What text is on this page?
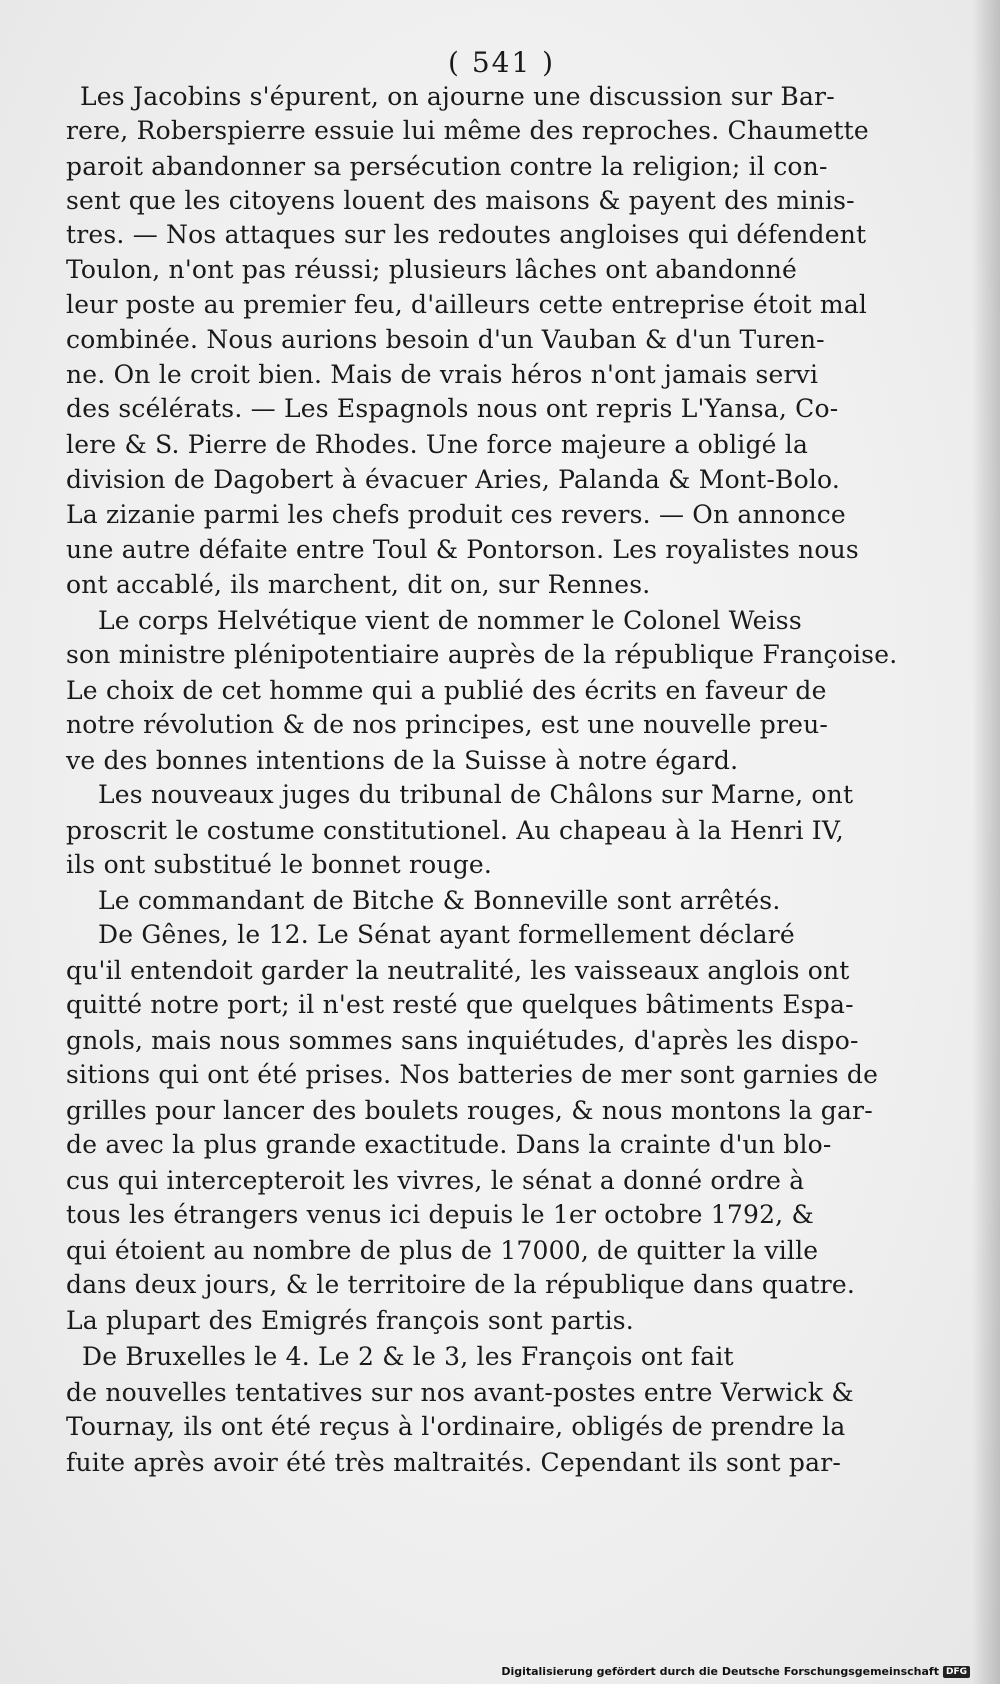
( 541 )
Les Jacobins s'épurent, on ajourne une discussion sur Bar-
rere, Roberspierre essuie lui même des reproches. Chaumette
paroit abandonner sa persécution contre la religion; il con-
sent que les citoyens louent des maisons & payent des minis-
tres. — Nos attaques sur les redoutes angloises qui défendent
Toulon, n'ont pas réussi; plusieurs lâches ont abandonné
leur poste au premier feu, d'ailleurs cette entreprise étoit mal
combinée. Nous aurions besoin d'un Vauban & d'un Turen-
ne. On le croit bien. Mais de vrais héros n'ont jamais servi
des scélérats. — Les Espagnols nous ont repris L'Yansa, Co-
lere & S. Pierre de Rhodes. Une force majeure a obligé la
division de Dagobert à évacuer Aries, Palanda & Mont-Bolo.
La zizanie parmi les chefs produit ces revers. — On annonce
une autre défaite entre Toul & Pontorson. Les royalistes nous
ont accablé, ils marchent, dit on, sur Rennes.
Le corps Helvétique vient de nommer le Colonel Weiss
son ministre plénipotentiaire auprès de la république Françoise.
Le choix de cet homme qui a publié des écrits en faveur de
notre révolution & de nos principes, est une nouvelle preu-
ve des bonnes intentions de la Suisse à notre égard.
Les nouveaux juges du tribunal de Châlons sur Marne, ont
proscrit le costume constitutionel. Au chapeau à la Henri IV,
ils ont substitué le bonnet rouge.
Le commandant de Bitche & Bonneville sont arrêtés.
De Gênes, le 12. Le Sénat ayant formellement déclaré
qu'il entendoit garder la neutralité, les vaisseaux anglois ont
quitté notre port; il n'est resté que quelques bâtiments Espa-
gnols, mais nous sommes sans inquiétudes, d'après les dispo-
sitions qui ont été prises. Nos batteries de mer sont garnies de
grilles pour lancer des boulets rouges, & nous montons la gar-
de avec la plus grande exactitude. Dans la crainte d'un blo-
cus qui intercepteroit les vivres, le sénat a donné ordre à
tous les étrangers venus ici depuis le 1er octobre 1792, &
qui étoient au nombre de plus de 17000, de quitter la ville
dans deux jours, & le territoire de la république dans quatre.
La plupart des Emigrés françois sont partis.
De Bruxelles le 4. Le 2 & le 3, les François ont fait
de nouvelles tentatives sur nos avant-postes entre Verwick &
Tournay, ils ont été reçus à l'ordinaire, obligés de prendre la
fuite après avoir été très maltraités. Cependant ils sont par-
Digitalisierung gefördert durch die Deutsche Forschungsgemeinschaft DFG
